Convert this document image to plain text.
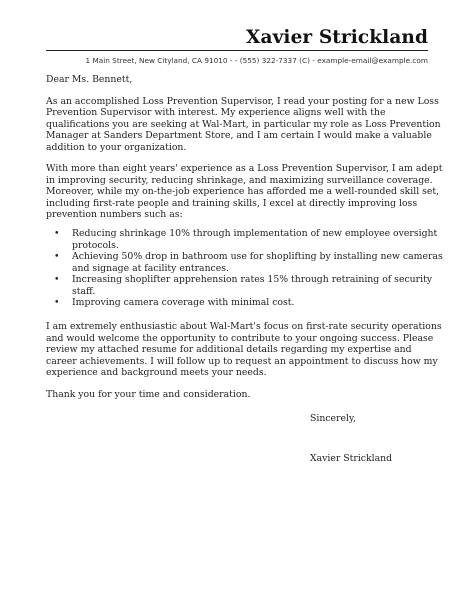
Xavier Strickland
1 Main Street, New Cityland, CA 91010 - - (555) 322-7337 (C) - example-email@example.com

Dear Ms. Bennett,

As an accomplished Loss Prevention Supervisor, I read your posting for a new Loss
Prevention Supervisor with interest. My experience aligns well with the
qualifications you are seeking at Wal-Mart, in particular my role as Loss Prevention
Manager at Sanders Department Store, and I am certain I would make a valuable
addition to your organization.

With more than eight years' experience as a Loss Prevention Supervisor, I am adept
in improving security, reducing shrinkage, and maximizing surveillance coverage.
Moreover, while my on-the-job experience has afforded me a well-rounded skill set,
including first-rate people and training skills, I excel at directly improving loss
prevention numbers such as:

• Reducing shrinkage 10% through implementation of new employee oversight
protocols.
• Achieving 50% drop in bathroom use for shoplifting by installing new cameras
and signage at facility entrances.
• Increasing shoplifter apprehension rates 15% through retraining of security
staff.
• Improving camera coverage with minimal cost.

I am extremely enthusiastic about Wal-Mart's focus on first-rate security operations
and would welcome the opportunity to contribute to your ongoing success. Please
review my attached resume for additional details regarding my expertise and
career achievements. I will follow up to request an appointment to discuss how my
experience and background meets your needs.

Thank you for your time and consideration.

Sincerely,
Xavier Strickland
